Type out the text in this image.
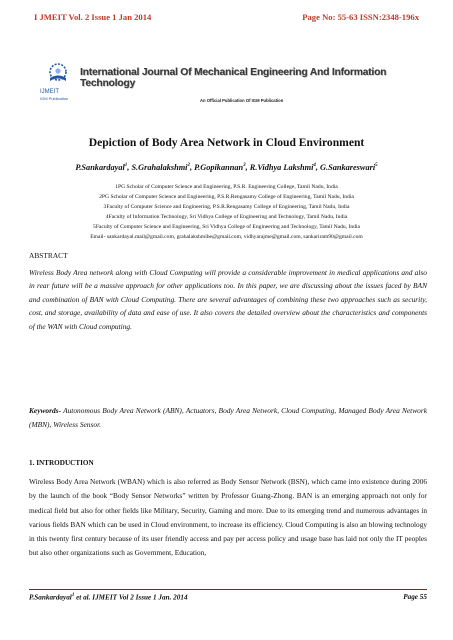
I JMEIT Vol. 2 Issue 1 Jan 2014	Page No: 55-63 ISSN:2348-196x
IJMEIT
IGM Publication
International Journal Of Mechanical Engineering And Information Technology
An Official Publication Of IGM Publication
Depiction of Body Area Network in Cloud Environment
P.Sankardayal$^1$, S.Grahalakshmi$^2$, P.Gopikannan$^3$, R.Vidhya Lakshmi$^4$, G.Sankareswari$^5$
1PG Scholar of Computer Science and Engineering, P.S.R. Engineering College, Tamil Nadu, India
2PG Scholar of Computer Science and Engineering, P.S.R.Rengasamy College of Engineering, Tamil Nadu, India
3Faculty of Computer Science and Engineering, P.S.R.Rengasamy College of Engineering, Tamil Nadu, India
4Faculty of Information Technology, Sri Vidhya College of Engineering and Technology, Tamil Nadu, India
5Faculty of Computer Science and Engineering, Sri Vidhya College of Engineering and Technology, Tamil Nadu, India
Email- sankardayal.mail@gmail.com, grahalakshmibe@gmail.com, vidhyarajme@gmail.com, sankariram90@gmail.com
ABSTRACT
Wireless Body Area network along with Cloud Computing will provide a considerable improvement in medical applications and also in rear future will be a massive approach for other applications too. In this paper, we are discussing about the issues faced by BAN and combination of BAN with Cloud Computing. There are several advantages of combining these two approaches such as security, cost, and storage, availability of data and ease of use. It also covers the detailed overview about the characteristics and components of the WAN with Cloud computing.
Keywords- Autonomous Body Area Network (ABN), Actuators, Body Area Network, Cloud Computing, Managed Body Area Network (MBN), Wireless Sensor.
1. INTRODUCTION
Wireless Body Area Network (WBAN) which is also referred as Body Sensor Network (BSN), which came into existence during 2006 by the launch of the book “Body Sensor Networks” written by Professor Guang-Zhong. BAN is an emerging approach not only for medical field but also for other fields like Military, Security, Gaming and more. Due to its emerging trend and numerous advantages in various fields BAN which can be used in Cloud environment, to increase its efficiency. Cloud Computing is also an blowing technology in this twenty first century because of its user friendly access and pay per access policy and usage base has laid not only the IT peoples but also other organizations such as Government, Education,
P.Sankardayal$^1$ et al. IJMEIT Vol 2 Issue 1 Jan. 2014	Page 55
